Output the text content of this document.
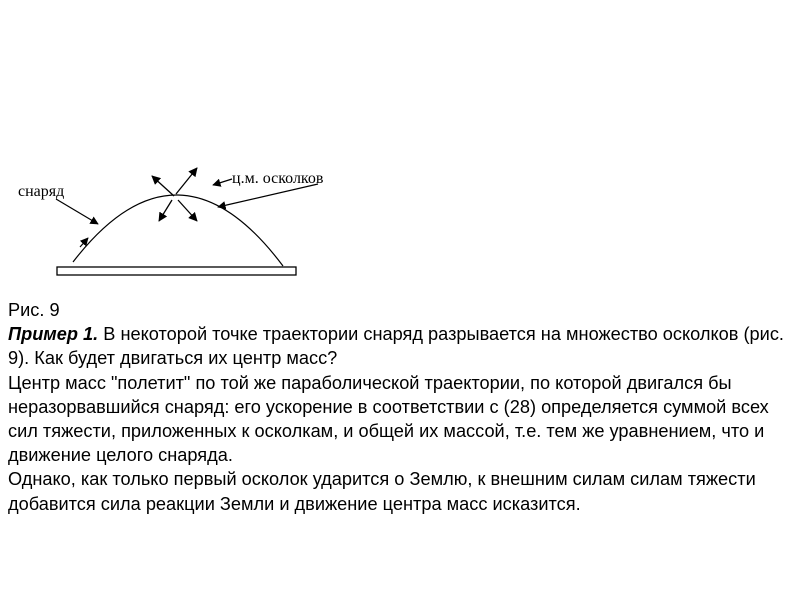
снаряд
ц.м. осколков

Рис. 9

Пример 1. В некоторой точке траектории снаряд разрывается на множество осколков (рис. 9). Как будет двигаться их центр масс?

Центр масс "полетит" по той же параболической траектории, по которой двигался бы неразорвавшийся снаряд: его ускорение в соответствии с (28) определяется суммой всех сил тяжести, приложенных к осколкам, и общей их массой, т.е. тем же уравнением, что и движение целого снаряда.

Однако, как только первый осколок ударится о Землю, к внешним силам силам тяжести добавится сила реакции Земли и движение центра масс исказится.
